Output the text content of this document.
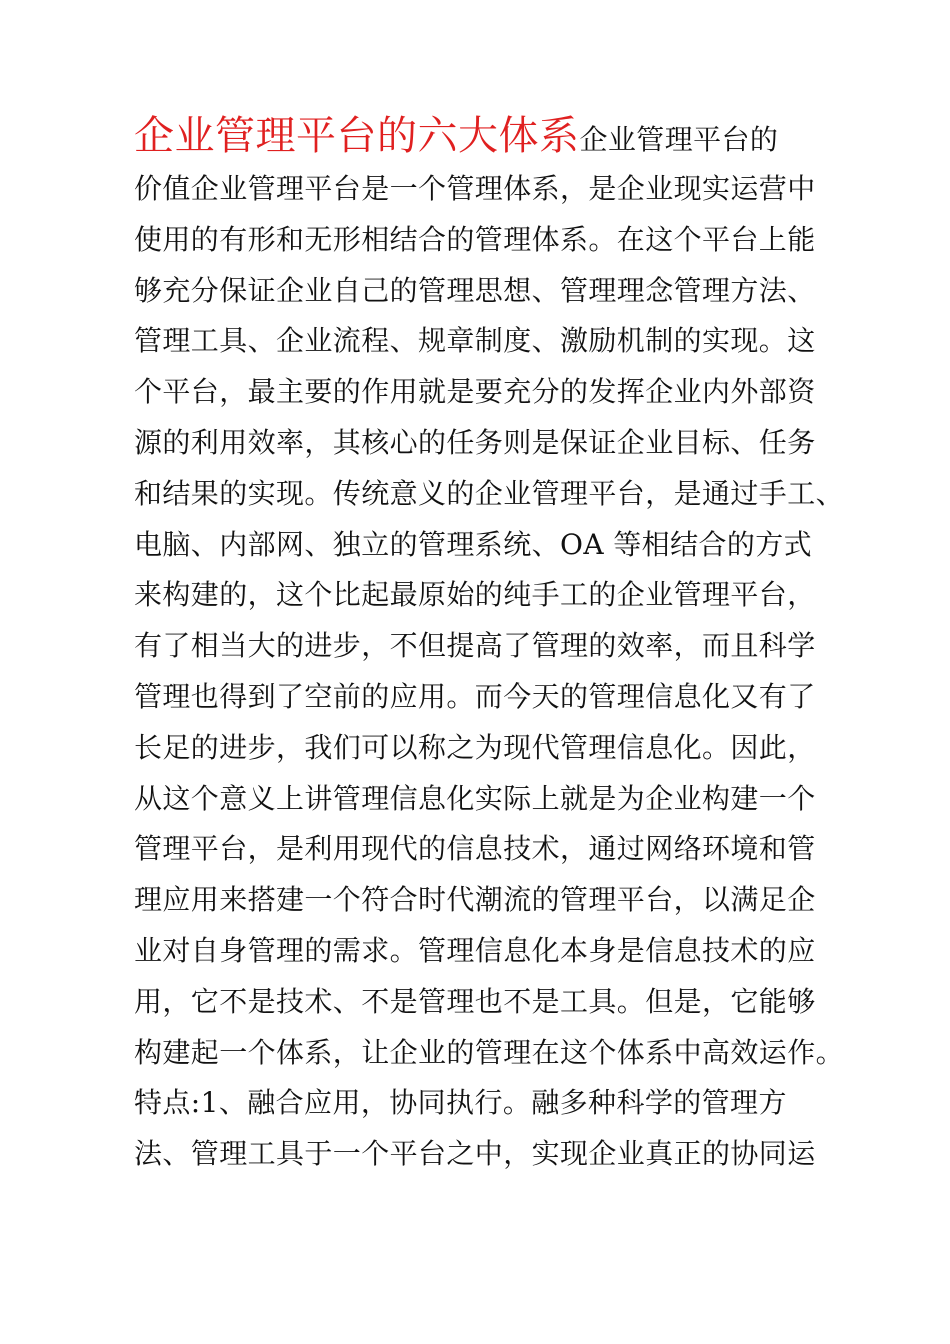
企业管理平台的六大体系企业管理平台的
价值企业管理平台是一个管理体系，是企业现实运营中
使用的有形和无形相结合的管理体系。在这个平台上能
够充分保证企业自己的管理思想、管理理念管理方法、
管理工具、企业流程、规章制度、激励机制的实现。这
个平台，最主要的作用就是要充分的发挥企业内外部资
源的利用效率，其核心的任务则是保证企业目标、任务
和结果的实现。传统意义的企业管理平台，是通过手工、
电脑、内部网、独立的管理系统、OA 等相结合的方式
来构建的，这个比起最原始的纯手工的企业管理平台，
有了相当大的进步，不但提高了管理的效率，而且科学
管理也得到了空前的应用。而今天的管理信息化又有了
长足的进步，我们可以称之为现代管理信息化。因此，
从这个意义上讲管理信息化实际上就是为企业构建一个
管理平台，是利用现代的信息技术，通过网络环境和管
理应用来搭建一个符合时代潮流的管理平台，以满足企
业对自身管理的需求。管理信息化本身是信息技术的应
用，它不是技术、不是管理也不是工具。但是，它能够
构建起一个体系，让企业的管理在这个体系中高效运作。
特点:1、融合应用，协同执行。融多种科学的管理方
法、管理工具于一个平台之中，实现企业真正的协同运
